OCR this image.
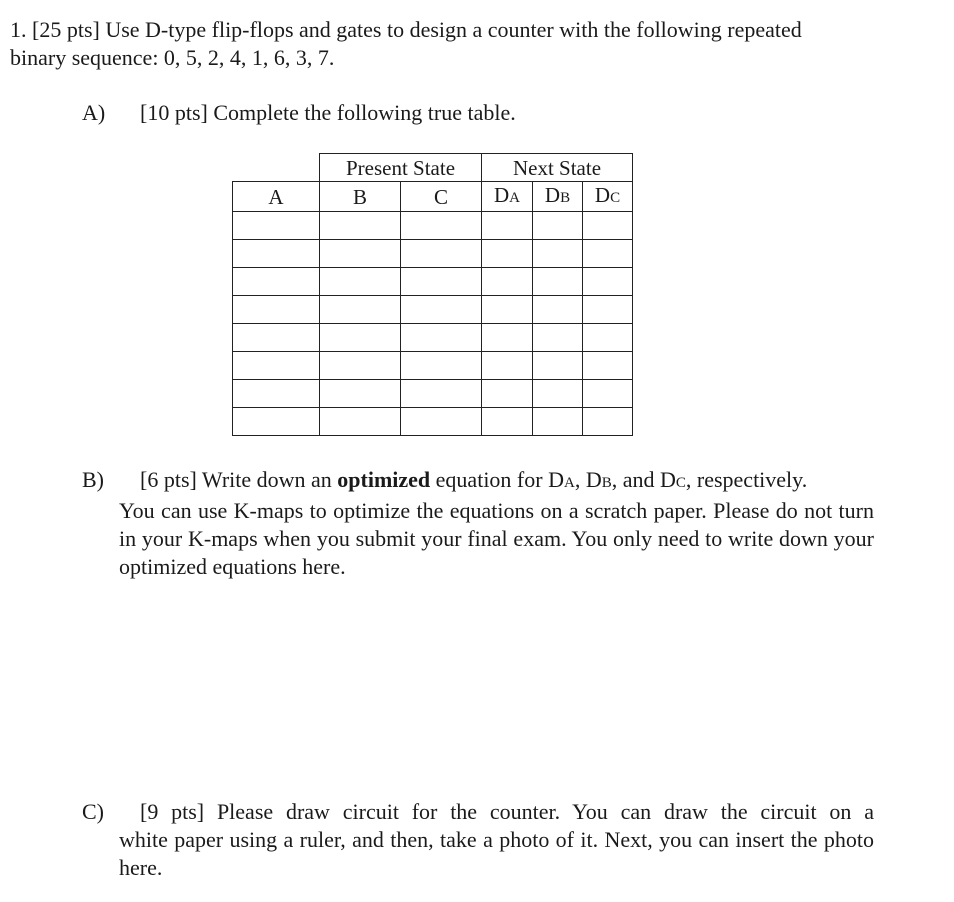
1. [25 pts] Use D-type flip-flops and gates to design a counter with the following repeated
binary sequence: 0, 5, 2, 4, 1, 6, 3, 7.
A) [10 pts] Complete the following true table.
	Present State		Next State		
A	B	C	DA	DB	DC

B) [6 pts] Write down an optimized equation for DA, DB, and DC, respectively.
You can use K-maps to optimize the equations on a scratch paper. Please do not turn in your K-maps when you submit your final exam. You only need to write down your optimized equations here.
C) [9 pts] Please draw circuit for the counter. You can draw the circuit on a
white paper using a ruler, and then, take a photo of it. Next, you can insert the photo here.
